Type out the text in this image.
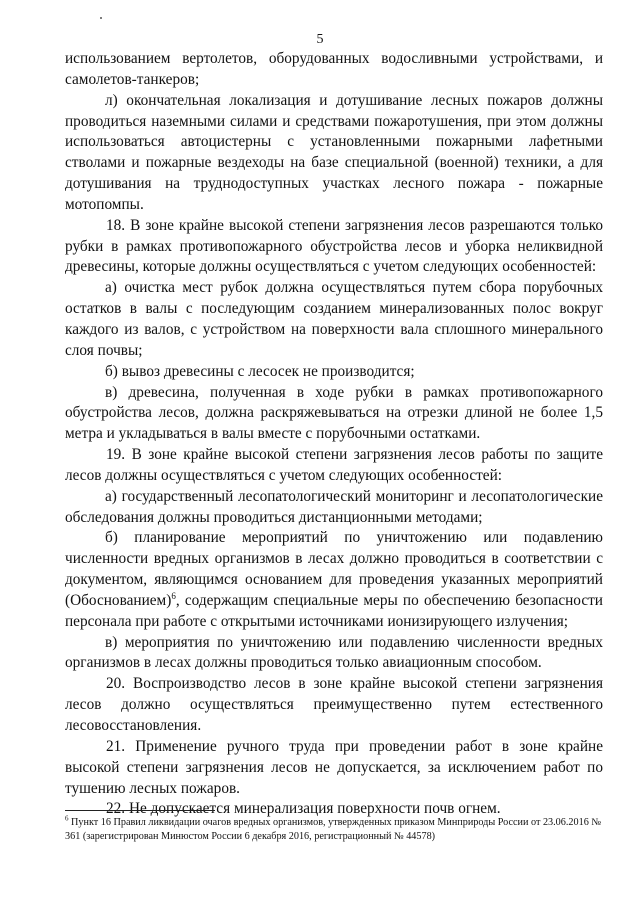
5

использованием вертолетов, оборудованных водосливными устройствами, и самолетов-танкеров;

л) окончательная локализация и дотушивание лесных пожаров должны проводиться наземными силами и средствами пожаротушения, при этом должны использоваться автоцистерны с установленными пожарными лафетными стволами и пожарные вездеходы на базе специальной (военной) техники, а для дотушивания на труднодоступных участках лесного пожара - пожарные мотопомпы.

18. В зоне крайне высокой степени загрязнения лесов разрешаются только рубки в рамках противопожарного обустройства лесов и уборка неликвидной древесины, которые должны осуществляться с учетом следующих особенностей:

а) очистка мест рубок должна осуществляться путем сбора порубочных остатков в валы с последующим созданием минерализованных полос вокруг каждого из валов, с устройством на поверхности вала сплошного минерального слоя почвы;

б) вывоз древесины с лесосек не производится;

в) древесина, полученная в ходе рубки в рамках противопожарного обустройства лесов, должна раскряжевываться на отрезки длиной не более 1,5 метра и укладываться в валы вместе с порубочными остатками.

19. В зоне крайне высокой степени загрязнения лесов работы по защите лесов должны осуществляться с учетом следующих особенностей:

а) государственный лесопатологический мониторинг и лесопатологические обследования должны проводиться дистанционными методами;

б) планирование мероприятий по уничтожению или подавлению численности вредных организмов в лесах должно проводиться в соответствии с документом, являющимся основанием для проведения указанных мероприятий (Обоснованием)$^6$, содержащим специальные меры по обеспечению безопасности персонала при работе с открытыми источниками ионизирующего излучения;

в) мероприятия по уничтожению или подавлению численности вредных организмов в лесах должны проводиться только авиационным способом.

20. Воспроизводство лесов в зоне крайне высокой степени загрязнения лесов должно осуществляться преимущественно путем естественного лесовосстановления.

21. Применение ручного труда при проведении работ в зоне крайне высокой степени загрязнения лесов не допускается, за исключением работ по тушению лесных пожаров.

22. Не допускается минерализация поверхности почв огнем.

$^6$ Пункт 16 Правил ликвидации очагов вредных организмов, утвержденных приказом Минприроды России от 23.06.2016 № 361 (зарегистрирован Минюстом России 6 декабря 2016, регистрационный № 44578)
